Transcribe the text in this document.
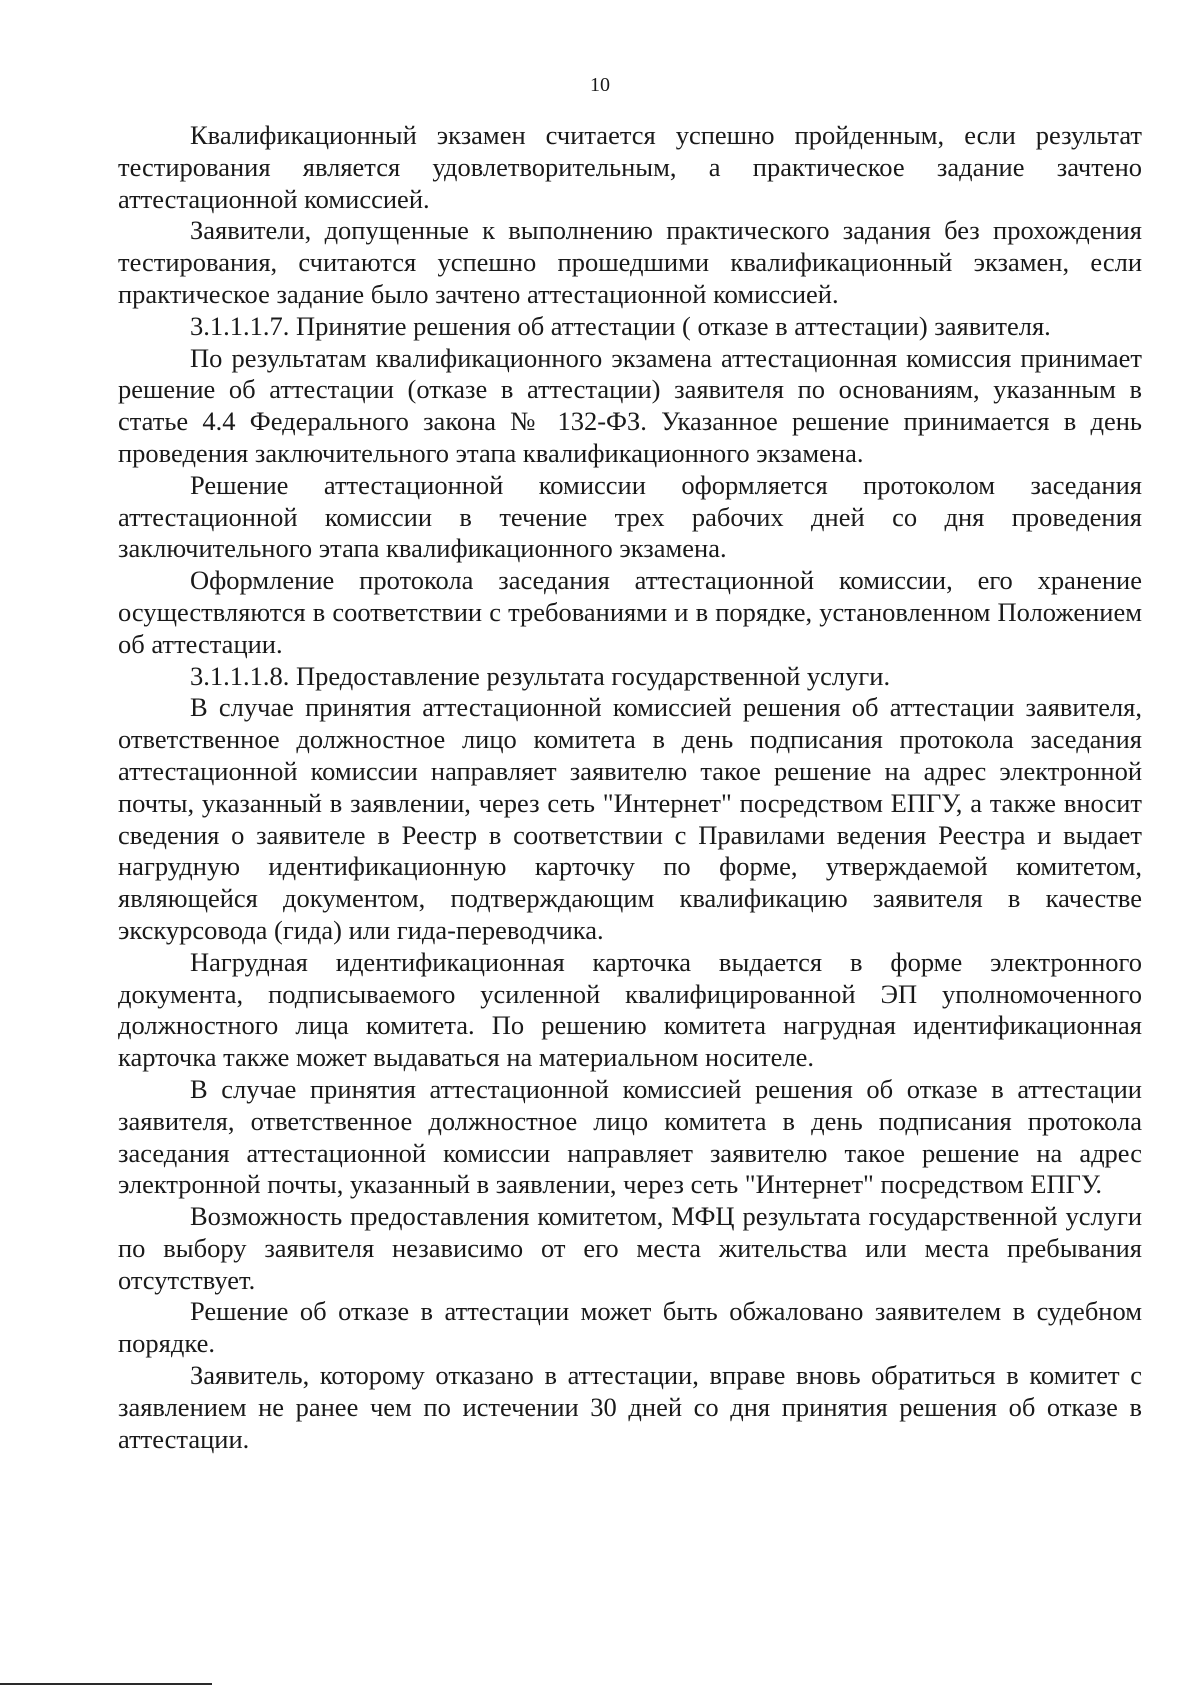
10

Квалификационный экзамен считается успешно пройденным, если результат тестирования является удовлетворительным, а практическое задание зачтено аттестационной комиссией.

Заявители, допущенные к выполнению практического задания без прохождения тестирования, считаются успешно прошедшими квалификационный экзамен, если практическое задание было зачтено аттестационной комиссией.

3.1.1.1.7. Принятие решения об аттестации ( отказе в аттестации) заявителя.

По результатам квалификационного экзамена аттестационная комиссия принимает решение об аттестации (отказе в аттестации) заявителя по основаниям, указанным в статье 4.4 Федерального закона № 132-ФЗ. Указанное решение принимается в день проведения заключительного этапа квалификационного экзамена.

Решение аттестационной комиссии оформляется протоколом заседания аттестационной комиссии в течение трех рабочих дней со дня проведения заключительного этапа квалификационного экзамена.

Оформление протокола заседания аттестационной комиссии, его хранение осуществляются в соответствии с требованиями и в порядке, установленном Положением об аттестации.

3.1.1.1.8. Предоставление результата государственной услуги.

В случае принятия аттестационной комиссией решения об аттестации заявителя, ответственное должностное лицо комитета в день подписания протокола заседания аттестационной комиссии направляет заявителю такое решение на адрес электронной почты, указанный в заявлении, через сеть "Интернет" посредством ЕПГУ, а также вносит сведения о заявителе в Реестр в соответствии с Правилами ведения Реестра и выдает нагрудную идентификационную карточку по форме, утверждаемой комитетом, являющейся документом, подтверждающим квалификацию заявителя в качестве экскурсовода (гида) или гида-переводчика.

Нагрудная идентификационная карточка выдается в форме электронного документа, подписываемого усиленной квалифицированной ЭП уполномоченного должностного лица комитета. По решению комитета нагрудная идентификационная карточка также может выдаваться на материальном носителе.

В случае принятия аттестационной комиссией решения об отказе в аттестации заявителя, ответственное должностное лицо комитета в день подписания протокола заседания аттестационной комиссии направляет заявителю такое решение на адрес электронной почты, указанный в заявлении, через сеть "Интернет" посредством ЕПГУ.

Возможность предоставления комитетом, МФЦ результата государственной услуги по выбору заявителя независимо от его места жительства или места пребывания отсутствует.

Решение об отказе в аттестации может быть обжаловано заявителем в судебном порядке.

Заявитель, которому отказано в аттестации, вправе вновь обратиться в комитет с заявлением не ранее чем по истечении 30 дней со дня принятия решения об отказе в аттестации.
